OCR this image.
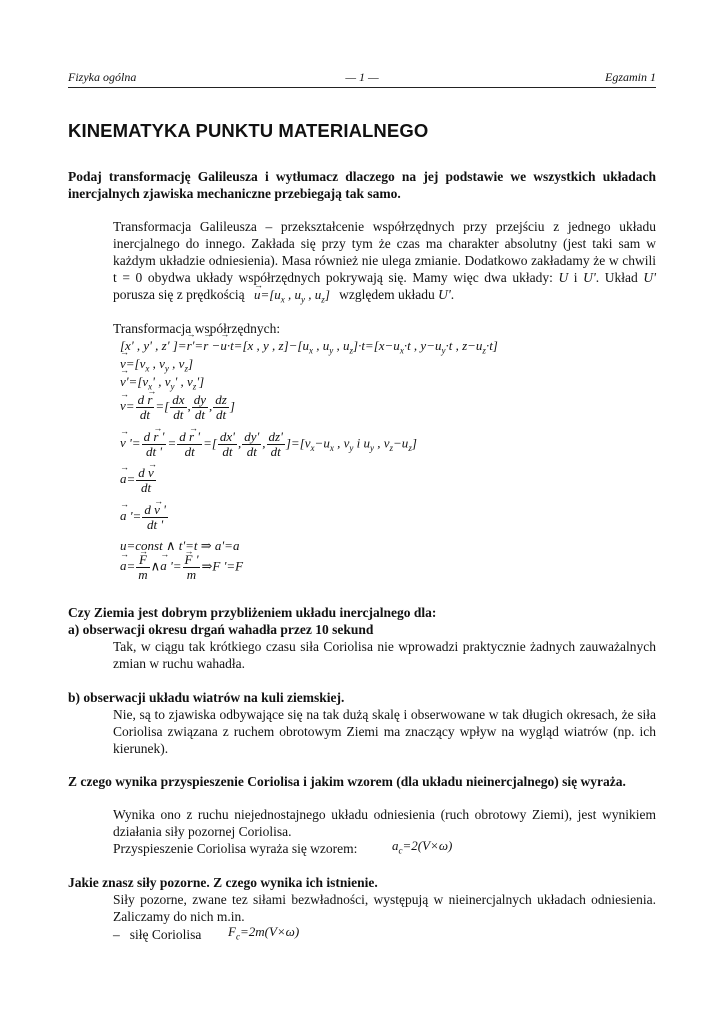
Fizyka ogólna	— 1 —	Egzamin 1
KINEMATYKA PUNKTU MATERIALNEGO

Podaj transformację Galileusza i wytłumacz dlaczego na jej podstawie we wszystkich układach inercjalnych zjawiska mechaniczne przebiegają tak samo.

Transformacja Galileusza – przekształcenie współrzędnych przy przejściu z jednego układu inercjalnego do innego. Zakłada się przy tym że czas ma charakter absolutny (jest taki sam w każdym układzie odniesienia). Masa również nie ulega zmianie. Dodatkowo zakładamy że w chwili t = 0 obydwa układy współrzędnych pokrywają się. Mamy więc dwa układy: U i U'. Układ U' porusza się z prędkością → $u=[u_x$ , $u_y$ , $u_z$] względem układu U'.

Transformacja współrzędnych:

[x' , y' , z' ]=→ r'=→ r −→ u·t=[x , y , $z]-[u_x$ , $u_y$ , $u_z]\cdot t=[x-u_x\cdot t$ , $y-u_y\cdot t$ , $z-u_z\cdot t$]
→ $v=[v_x$ , $v_y$ , $v_z$]
→ $v'=[v_x'$ , $v_y'$ , $v_z'$]
→ $v= \frac{d \to r}{dt}$ =[ $\frac{dx}{dt}$ , $\frac{dy}{dt}$ , $\frac{dz}{dt}$ ]
→ v '= $\frac{d \to r '}{dt '} = \frac{d \to r '}{dt}$ =[ $\frac{dx'}{dt}$ , $\frac{dy'}{dt}$ , $\frac{dz'}{dt} ]=[v_x-u_x$ , $v_y$ i $u_y$ , $v_z-u_z$]
→ $a= \frac{d \to v}{dt}$
→ a '= $\frac{d \to v '}{dt '}$
u=const ∧ t'=t ⇒ a'=a
→ a=
→ $\frac{F}{m}$ ∧→ a '=
→ $\frac{F '}{m}$ ⇒F '=F

Czy Ziemia jest dobrym przybliżeniem układu inercjalnego dla:

a) obserwacji okresu drgań wahadła przez 10 sekund

Tak, w ciągu tak krótkiego czasu siła Coriolisa nie wprowadzi praktycznie żadnych zauważalnych zmian w ruchu wahadła.

b) obserwacji układu wiatrów na kuli ziemskiej.

Nie, są to zjawiska odbywające się na tak dużą skalę i obserwowane w tak długich okresach, że siła Coriolisa związana z ruchem obrotowym Ziemi ma znaczący wpływ na wygląd wiatrów (np. ich kierunek).

Z czego wynika przyspieszenie Coriolisa i jakim wzorem (dla układu nieinercjalnego) się wyraża.

Wynika ono z ruchu niejednostajnego układu odniesienia (ruch obrotowy Ziemi), jest wynikiem działania siły pozornej Coriolisa.

Przyspieszenie Coriolisa wyraża się wzorem:	$a_c=2(V\times\omega)$

Jakie znasz siły pozorne. Z czego wynika ich istnienie.

Siły pozorne, zwane tez siłami bezwładności, występują w nieinercjalnych układach odniesienia. Zaliczamy do nich m.in.

– siłę Coriolisa	$F_c=2m(V\times\omega)$
